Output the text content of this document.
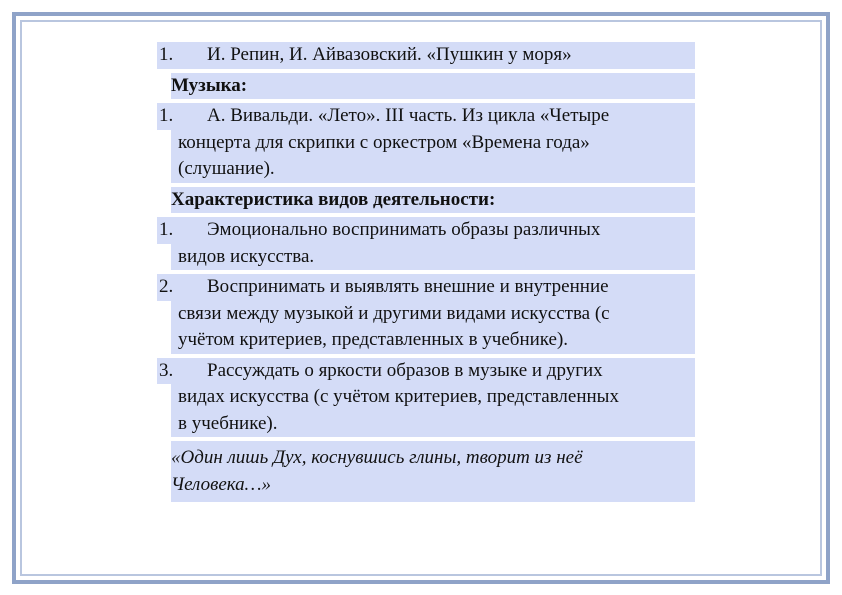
1.	И. Репин, И. Айвазовский. «Пушкин у моря»
Музыка:
1.	А. Вивальди. «Лето». III часть. Из цикла «Четыре
концерта для скрипки с оркестром «Времена года»
(слушание).
Характеристика видов деятельности:
1.	Эмоционально воспринимать образы различных
видов искусства.
2.	Воспринимать и выявлять внешние и внутренние
связи между музыкой и другими видами искусства (с
учётом критериев, представленных в учебнике).
3.	Рассуждать о яркости образов в музыке и других
видах искусства (с учётом критериев, представленных
в учебнике).
«Один лишь Дух, коснувшись глины, творит из неё
Человека…»
